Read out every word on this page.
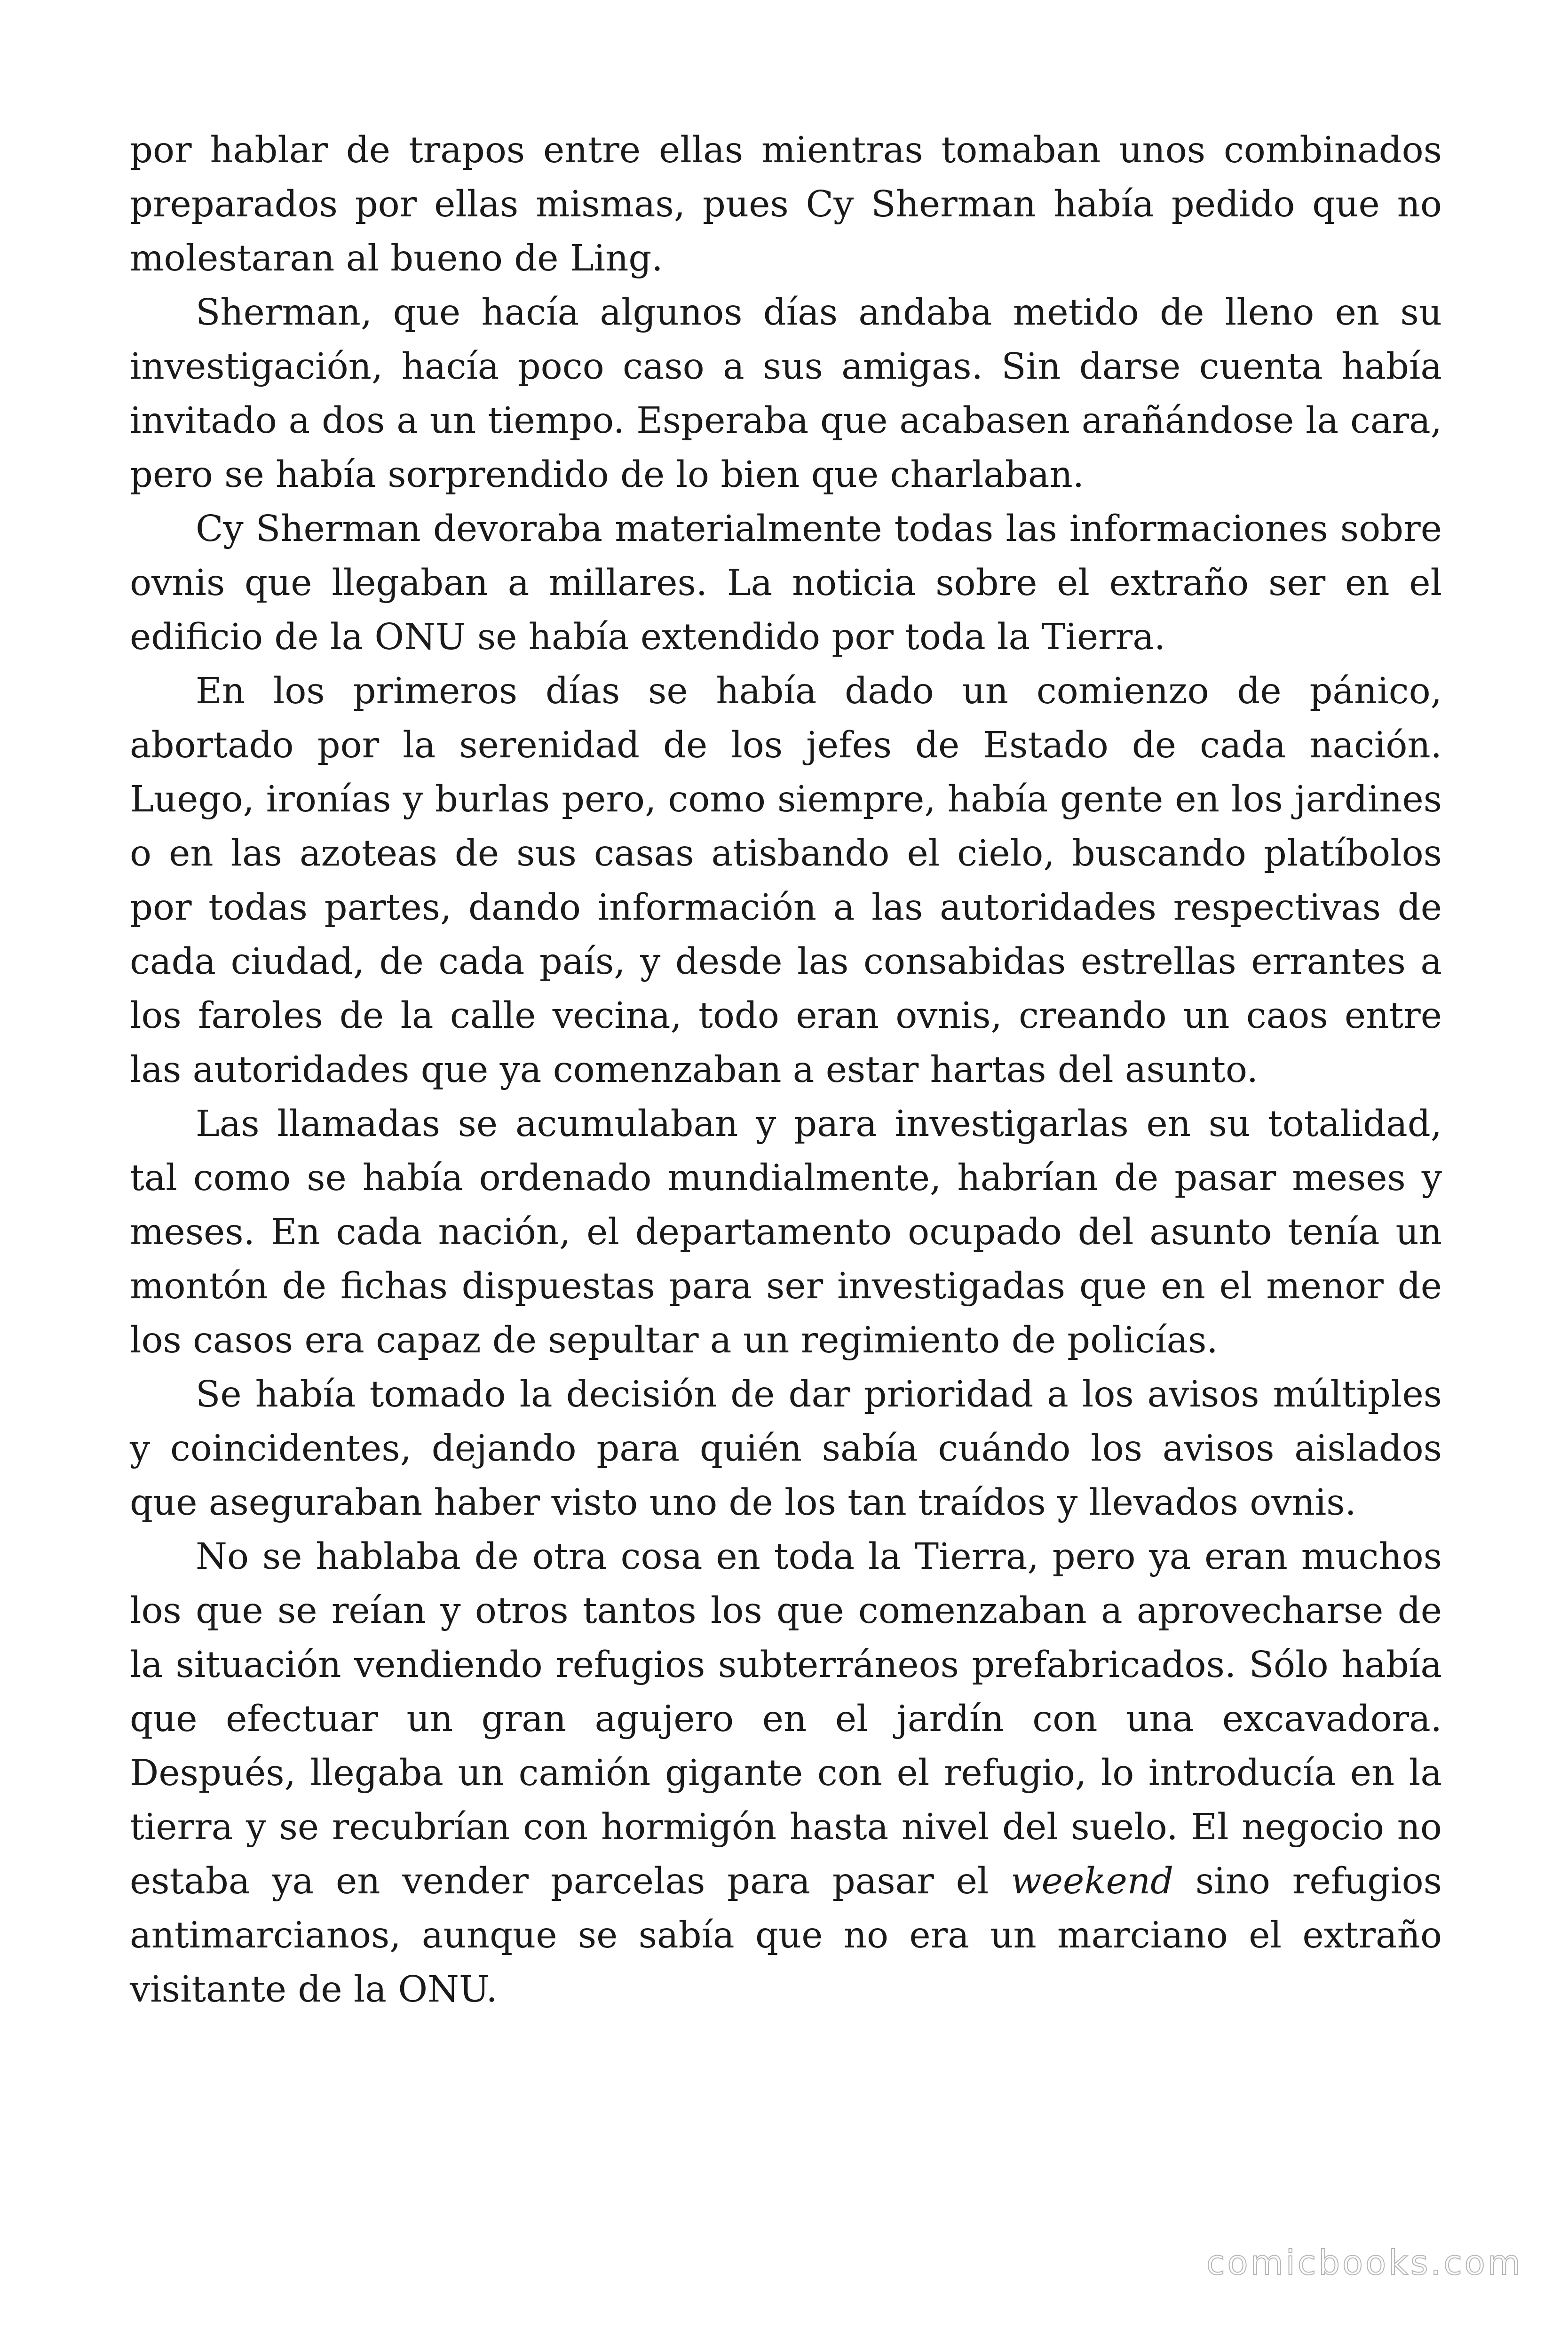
por hablar de trapos entre ellas mientras tomaban unos combinados preparados por ellas mismas, pues Cy Sherman había pedido que no molestaran al bueno de Ling.

Sherman, que hacía algunos días andaba metido de lleno en su investigación, hacía poco caso a sus amigas. Sin darse cuenta había invitado a dos a un tiempo. Esperaba que acabasen arañándose la cara, pero se había sorprendido de lo bien que charlaban.

Cy Sherman devoraba materialmente todas las informaciones sobre ovnis que llegaban a millares. La noticia sobre el extraño ser en el edificio de la ONU se había extendido por toda la Tierra.

En los primeros días se había dado un comienzo de pánico, abortado por la serenidad de los jefes de Estado de cada nación. Luego, ironías y burlas pero, como siempre, había gente en los jardines o en las azoteas de sus casas atisbando el cielo, buscando platíbolos por todas partes, dando información a las autoridades respectivas de cada ciudad, de cada país, y desde las consabidas estrellas errantes a los faroles de la calle vecina, todo eran ovnis, creando un caos entre las autoridades que ya comenzaban a estar hartas del asunto.

Las llamadas se acumulaban y para investigarlas en su totalidad, tal como se había ordenado mundialmente, habrían de pasar meses y meses. En cada nación, el departamento ocupado del asunto tenía un montón de fichas dispuestas para ser investigadas que en el menor de los casos era capaz de sepultar a un regimiento de policías.

Se había tomado la decisión de dar prioridad a los avisos múltiples y coincidentes, dejando para quién sabía cuándo los avisos aislados que aseguraban haber visto uno de los tan traídos y llevados ovnis.

No se hablaba de otra cosa en toda la Tierra, pero ya eran muchos los que se reían y otros tantos los que comenzaban a aprovecharse de la situación vendiendo refugios subterráneos prefabricados. Sólo había que efectuar un gran agujero en el jardín con una excavadora. Después, llegaba un camión gigante con el refugio, lo introducía en la tierra y se recubrían con hormigón hasta nivel del suelo. El negocio no estaba ya en vender parcelas para pasar el weekend sino refugios antimarcianos, aunque se sabía que no era un marciano el extraño visitante de la ONU.

comicbooks.com
